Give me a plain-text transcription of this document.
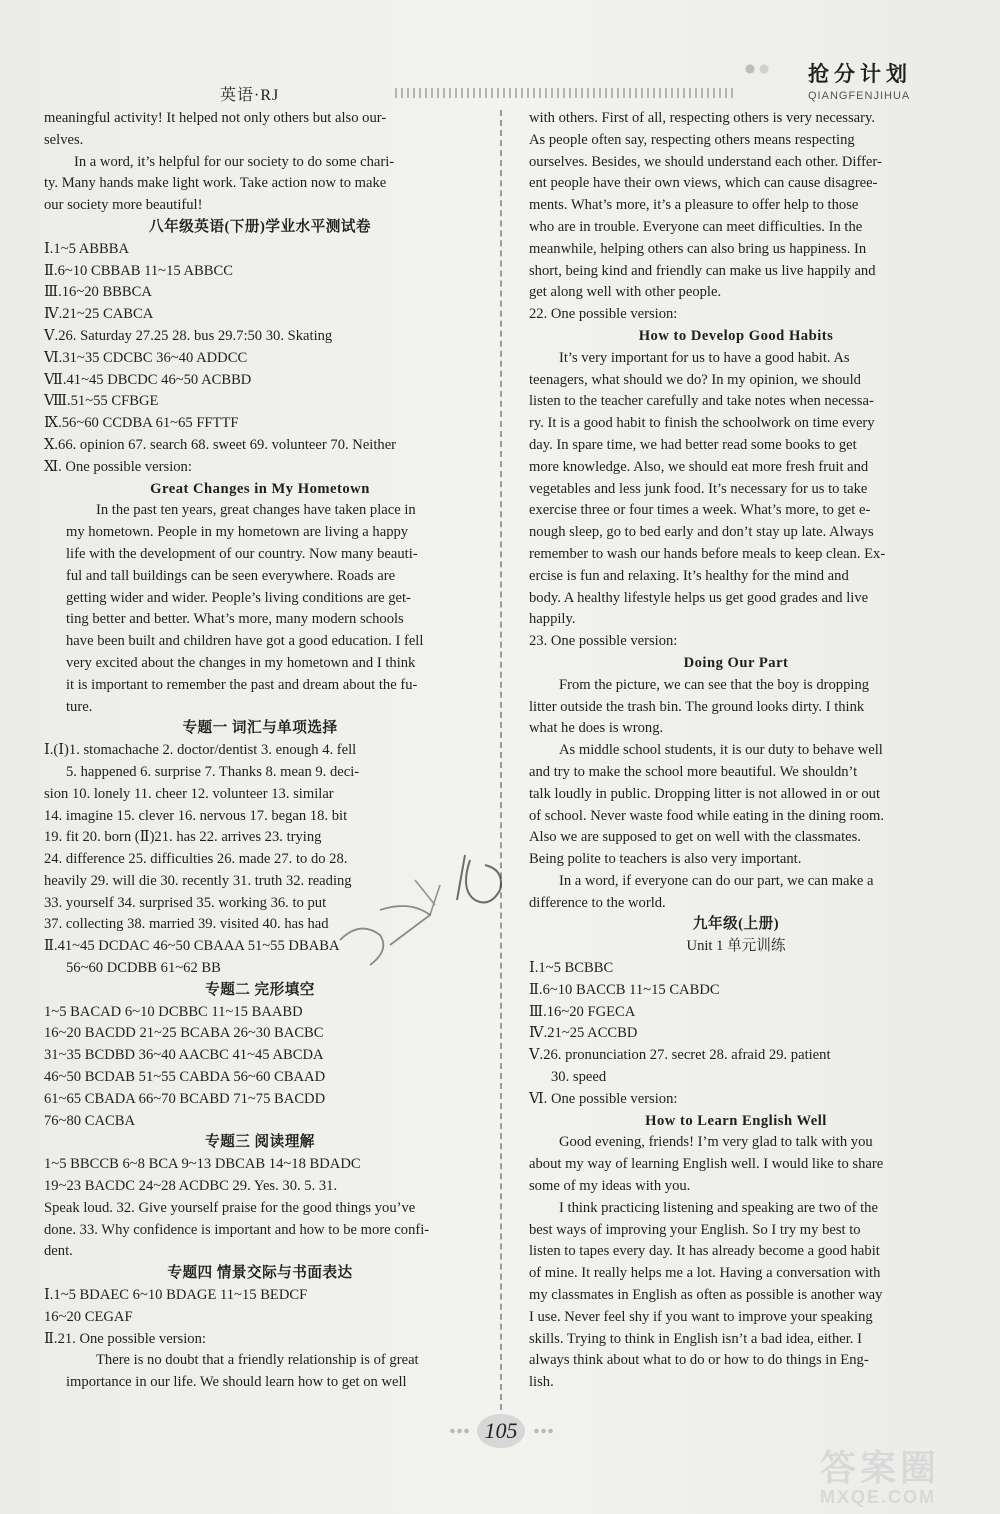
英语·RJ
抢分计划
QIANGFENJIHUA

meaningful activity! It helped not only others but also our-

selves.

In a word, it’s helpful for our society to do some chari-

ty. Many hands make light work. Take action now to make

our society more beautiful!

八年级英语(下册)学业水平测试卷

Ⅰ.1~5 ABBBA

Ⅱ.6~10 CBBAB 11~15 ABBCC

Ⅲ.16~20 BBBCA

Ⅳ.21~25 CABCA

Ⅴ.26. Saturday 27.25 28. bus 29.7:50 30. Skating

Ⅵ.31~35 CDCBC 36~40 ADDCC

Ⅶ.41~45 DBCDC 46~50 ACBBD

Ⅷ.51~55 CFBGE

Ⅸ.56~60 CCDBA 61~65 FFTTF

Ⅹ.66. opinion 67. search 68. sweet 69. volunteer 70. Neither

Ⅺ. One possible version:

Great Changes in My Hometown

In the past ten years, great changes have taken place in

my hometown. People in my hometown are living a happy

life with the development of our country. Now many beauti-

ful and tall buildings can be seen everywhere. Roads are

getting wider and wider. People’s living conditions are get-

ting better and better. What’s more, many modern schools

have been built and children have got a good education. I fell

very excited about the changes in my hometown and I think

it is important to remember the past and dream about the fu-

ture.

专题一 词汇与单项选择

Ⅰ.(Ⅰ)1. stomachache 2. doctor/dentist 3. enough 4. fell

5. happened 6. surprise 7. Thanks 8. mean 9. deci-

sion 10. lonely 11. cheer 12. volunteer 13. similar

14. imagine 15. clever 16. nervous 17. began 18. bit

19. fit 20. born (Ⅱ)21. has 22. arrives 23. trying

24. difference 25. difficulties 26. made 27. to do 28.

heavily 29. will die 30. recently 31. truth 32. reading

33. yourself 34. surprised 35. working 36. to put

37. collecting 38. married 39. visited 40. has had

Ⅱ.41~45 DCDAC 46~50 CBAAA 51~55 DBABA

56~60 DCDBB 61~62 BB

专题二 完形填空

1~5 BACAD 6~10 DCBBC 11~15 BAABD

16~20 BACDD 21~25 BCABA 26~30 BACBC

31~35 BCDBD 36~40 AACBC 41~45 ABCDA

46~50 BCDAB 51~55 CABDA 56~60 CBAAD

61~65 CBADA 66~70 BCABD 71~75 BACDD

76~80 CACBA

专题三 阅读理解

1~5 BBCCB 6~8 BCA 9~13 DBCAB 14~18 BDADC

19~23 BACDC 24~28 ACDBC 29. Yes. 30. 5. 31.

Speak loud. 32. Give yourself praise for the good things you’ve

done. 33. Why confidence is important and how to be more confi-

dent.

专题四 情景交际与书面表达

Ⅰ.1~5 BDAEC 6~10 BDAGE 11~15 BEDCF

16~20 CEGAF

Ⅱ.21. One possible version:

There is no doubt that a friendly relationship is of great

importance in our life. We should learn how to get on well

with others. First of all, respecting others is very necessary.

As people often say, respecting others means respecting

ourselves. Besides, we should understand each other. Differ-

ent people have their own views, which can cause disagree-

ments. What’s more, it’s a pleasure to offer help to those

who are in trouble. Everyone can meet difficulties. In the

meanwhile, helping others can also bring us happiness. In

short, being kind and friendly can make us live happily and

get along well with other people.

22. One possible version:

How to Develop Good Habits

It’s very important for us to have a good habit. As

teenagers, what should we do? In my opinion, we should

listen to the teacher carefully and take notes when necessa-

ry. It is a good habit to finish the schoolwork on time every

day. In spare time, we had better read some books to get

more knowledge. Also, we should eat more fresh fruit and

vegetables and less junk food. It’s necessary for us to take

exercise three or four times a week. What’s more, to get e-

nough sleep, go to bed early and don’t stay up late. Always

remember to wash our hands before meals to keep clean. Ex-

ercise is fun and relaxing. It’s healthy for the mind and

body. A healthy lifestyle helps us get good grades and live

happily.

23. One possible version:

Doing Our Part

From the picture, we can see that the boy is dropping

litter outside the trash bin. The ground looks dirty. I think

what he does is wrong.

As middle school students, it is our duty to behave well

and try to make the school more beautiful. We shouldn’t

talk loudly in public. Dropping litter is not allowed in or out

of school. Never waste food while eating in the dining room.

Also we are supposed to get on well with the classmates.

Being polite to teachers is also very important.

In a word, if everyone can do our part, we can make a

difference to the world.

九年级(上册)

Unit 1 单元训练

Ⅰ.1~5 BCBBC

Ⅱ.6~10 BACCB 11~15 CABDC

Ⅲ.16~20 FGECA

Ⅳ.21~25 ACCBD

Ⅴ.26. pronunciation 27. secret 28. afraid 29. patient

30. speed

Ⅵ. One possible version:

How to Learn English Well

Good evening, friends! I’m very glad to talk with you

about my way of learning English well. I would like to share

some of my ideas with you.

I think practicing listening and speaking are two of the

best ways of improving your English. So I try my best to

listen to tapes every day. It has already become a good habit

of mine. It really helps me a lot. Having a conversation with

my classmates in English as often as possible is another way

I use. Never feel shy if you want to improve your speaking

skills. Trying to think in English isn’t a bad idea, either. I

always think about what to do or how to do things in Eng-

lish.

105
答案圈
MXQE.COM
